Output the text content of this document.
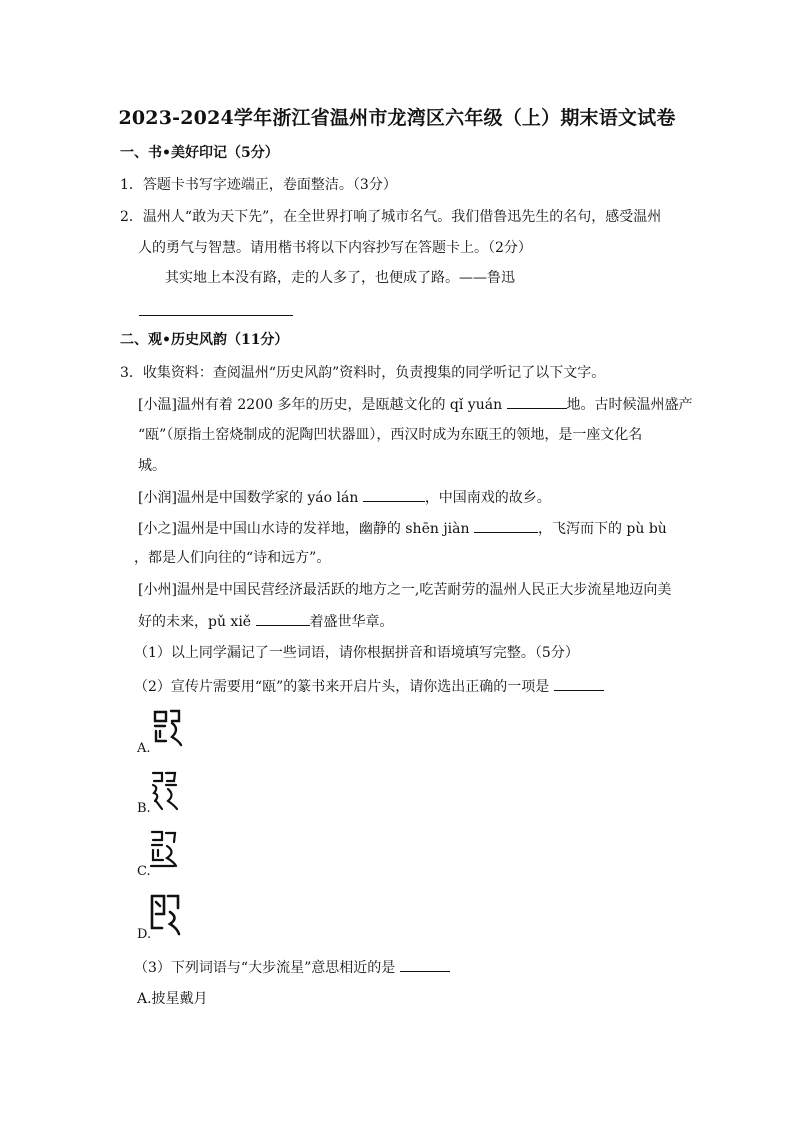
2023-2024学年浙江省温州市龙湾区六年级（上）期末语文试卷
一、书•美好印记（5分）
1．答题卡书写字迹端正，卷面整洁。（3分）
2．温州人“敢为天下先”，在全世界打响了城市名气。我们借鲁迅先生的名句，感受温州
人的勇气与智慧。请用楷书将以下内容抄写在答题卡上。（2分）
其实地上本没有路，走的人多了，也便成了路。——鲁迅
二、观•历史风韵（11分）
3．收集资料：查阅温州“历史风韵”资料时，负责搜集的同学听记了以下文字。
[小温]温州有着 2200 多年的历史，是瓯越文化的 qǐ yuán	地。古时候温州盛产
“瓯”（原指土窑烧制成的泥陶凹状器皿），西汉时成为东瓯王的领地，是一座文化名
城。
[小润]温州是中国数学家的 yáo lán	，中国南戏的故乡。
[小之]温州是中国山水诗的发祥地，幽静的 shēn jiàn	，飞泻而下的 pù bù
，都是人们向往的“诗和远方”。
[小州]温州是中国民营经济最活跃的地方之一,吃苦耐劳的温州人民正大步流星地迈向美
好的未来，pǔ xiě	着盛世华章。
（1）以上同学漏记了一些词语，请你根据拼音和语境填写完整。（5分）
（2）宣传片需要用“瓯”的篆书来开启片头，请你选出正确的一项是
A.
B.
C.
D.
（3）下列词语与“大步流星”意思相近的是
A.披星戴月
